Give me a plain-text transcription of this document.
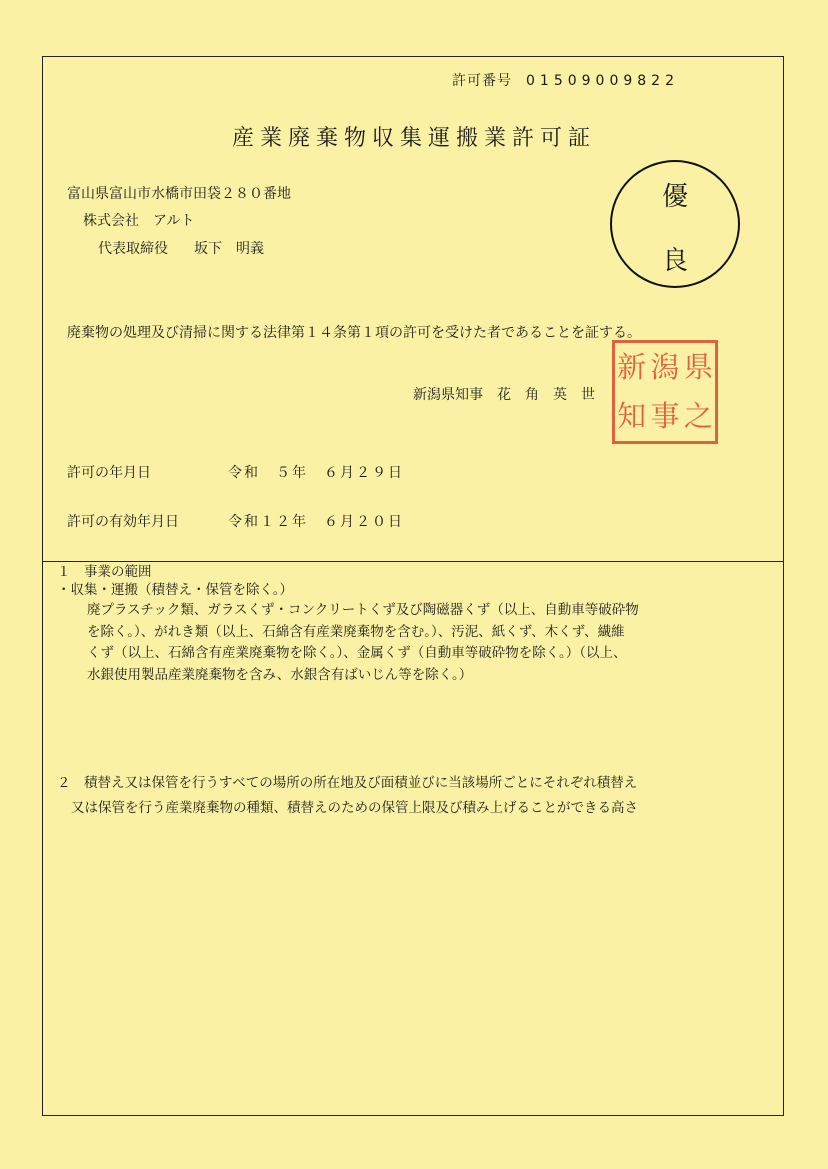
許可番号 01509009822
産業廃棄物収集運搬業許可証
富山県富山市水橋市田袋２８０番地
株式会社　アルト
代表取締役 坂下　明義
優
良
廃棄物の処理及び清掃に関する法律第１４条第１項の許可を受けた者であることを証する。
新 潟 県
知 事 之
新潟県知事　花　角　英　世
許可の年月日	令和　５年　６月２９日
許可の有効年月日	令和１２年　６月２０日
１　事業の範囲
・収集・運搬（積替え・保管を除く。）
廃プラスチック類、ガラスくず・コンクリートくず及び陶磁器くず（以上、自動車等破砕物
を除く。）、がれき類（以上、石綿含有産業廃棄物を含む。）、汚泥、紙くず、木くず、繊維
くず（以上、石綿含有産業廃棄物を除く。）、金属くず（自動車等破砕物を除く。）（以上、
水銀使用製品産業廃棄物を含み、水銀含有ばいじん等を除く。）
２　積替え又は保管を行うすべての場所の所在地及び面積並びに当該場所ごとにそれぞれ積替え
又は保管を行う産業廃棄物の種類、積替えのための保管上限及び積み上げることができる高さ
